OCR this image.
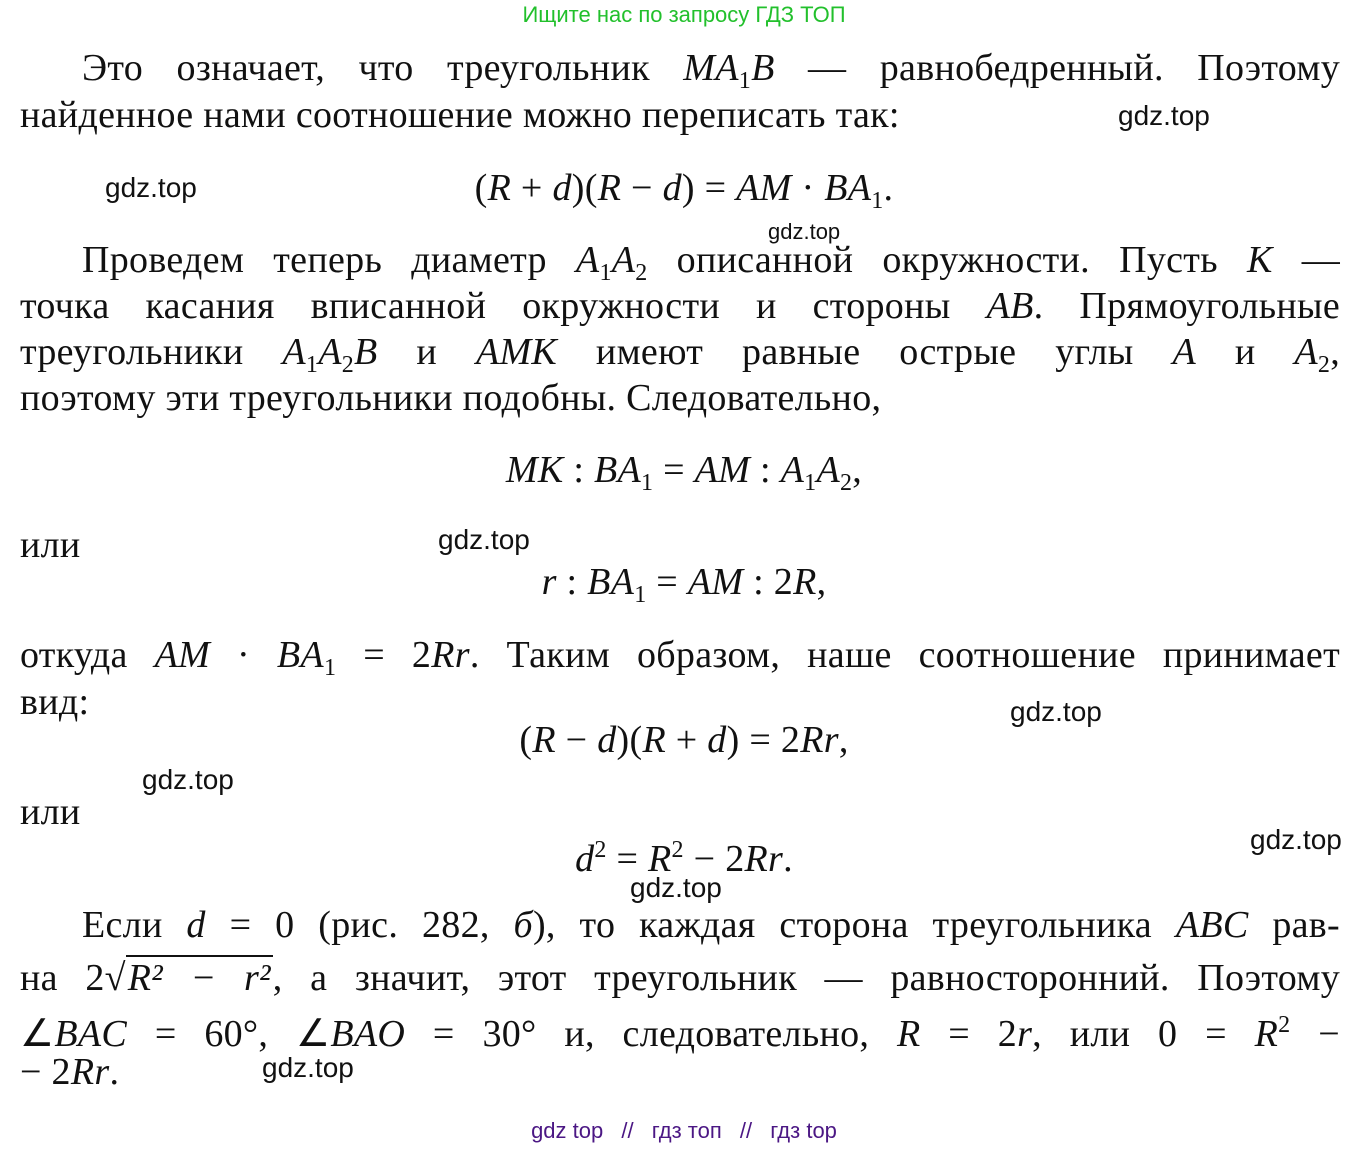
Ищите нас по запросу ГДЗ ТОП
Это означает, что треугольник $MA_1B$ — равнобедренный. Поэтому
найденное нами соотношение можно переписать так:
(R + d)(R − d) = AM · $BA_1$.
Проведем теперь диаметр $A_1A_2$ описанной окружности. Пусть K —
точка касания вписанной окружности и стороны AB. Прямоугольные
треугольники $A_1A_2B$ и AMK имеют равные острые углы A и $A_2$,
поэтому эти треугольники подобны. Следовательно,
MK : $BA_1$ = AM : $A_1A_2$,
или
r : $BA_1$ = AM : 2R,
откуда AM · $BA_1 = 2Rr$. Таким образом, наше соотношение принимает
вид:
(R − d)(R + d) = 2Rr,
или
$d^2 = R^2 - 2Rr$.
Если d = 0 (рис. 282, б), то каждая сторона треугольника ABC рав-
на 2√R² − r², а значит, этот треугольник — равносторонний. Поэтому
∠BAC = 60°, ∠BAO = 30° и, следовательно, R = 2r, или $0 = R^2$ −
− 2Rr.
gdz.top
gdz.top
gdz.top
gdz.top
gdz.top
gdz.top
gdz.top
gdz.top
gdz.top
gdz top // гдз топ // гдз top
